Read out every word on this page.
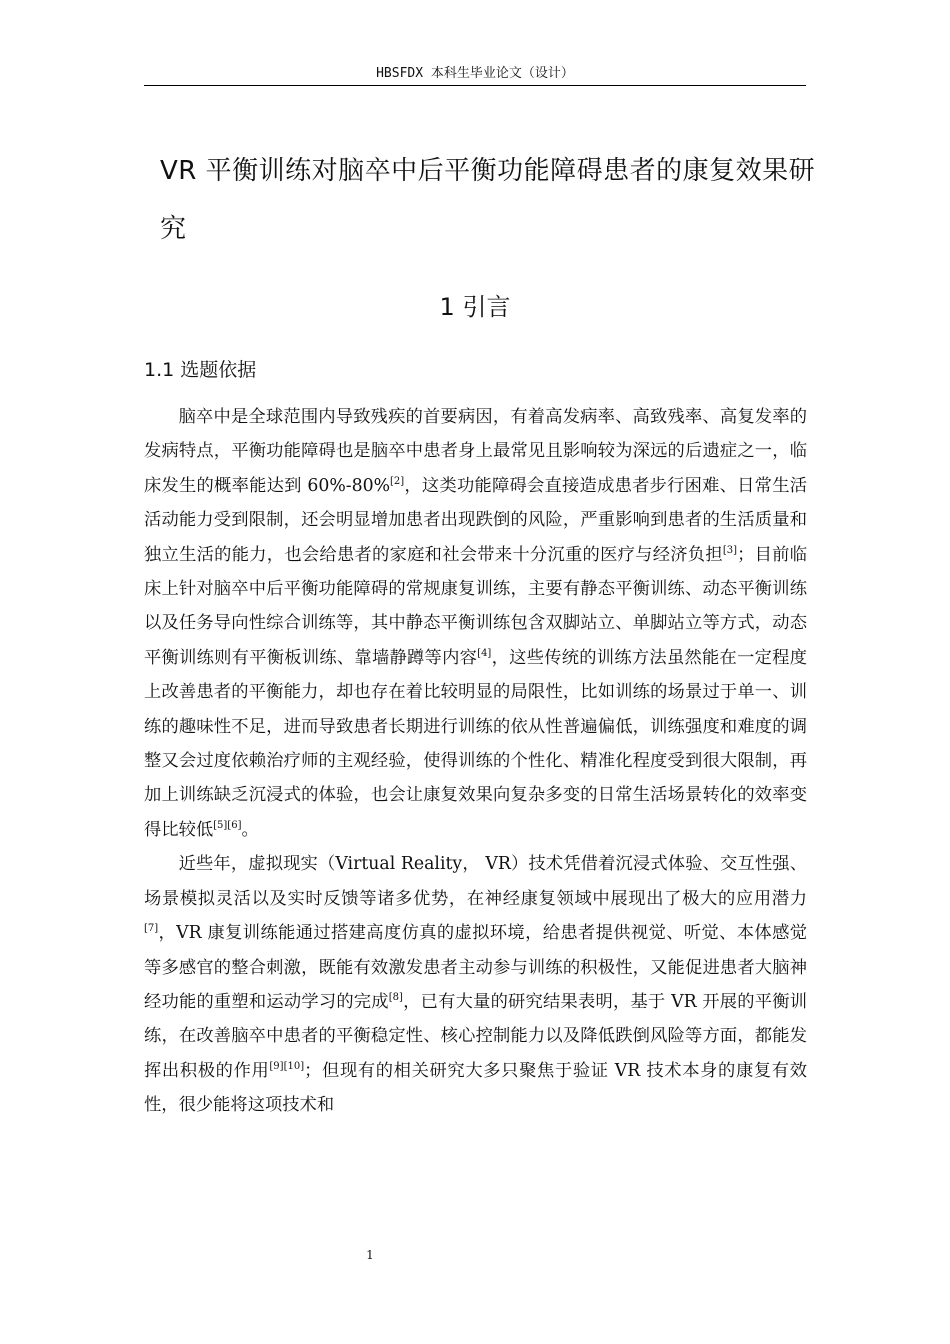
HBSFDX 本科生毕业论文（设计）
VR 平衡训练对脑卒中后平衡功能障碍患者的康复效果研究
1 引言
1.1 选题依据

脑卒中是全球范围内导致残疾的首要病因，有着高发病率、高致残率、高复发率的发病特点，平衡功能障碍也是脑卒中患者身上最常见且影响较为深远的后遗症之一，临床发生的概率能达到 60%-80%[2]，这类功能障碍会直接造成患者步行困难、日常生活活动能力受到限制，还会明显增加患者出现跌倒的风险，严重影响到患者的生活质量和独立生活的能力，也会给患者的家庭和社会带来十分沉重的医疗与经济负担[3]；目前临床上针对脑卒中后平衡功能障碍的常规康复训练，主要有静态平衡训练、动态平衡训练以及任务导向性综合训练等，其中静态平衡训练包含双脚站立、单脚站立等方式，动态平衡训练则有平衡板训练、靠墙静蹲等内容[4]，这些传统的训练方法虽然能在一定程度上改善患者的平衡能力，却也存在着比较明显的局限性，比如训练的场景过于单一、训练的趣味性不足，进而导致患者长期进行训练的依从性普遍偏低，训练强度和难度的调整又会过度依赖治疗师的主观经验，使得训练的个性化、精准化程度受到很大限制，再加上训练缺乏沉浸式的体验，也会让康复效果向复杂多变的日常生活场景转化的效率变得比较低[5][6]。

近些年，虚拟现实（Virtual Reality， VR）技术凭借着沉浸式体验、交互性强、场景模拟灵活以及实时反馈等诸多优势，在神经康复领域中展现出了极大的应用潜力[7]，VR 康复训练能通过搭建高度仿真的虚拟环境，给患者提供视觉、听觉、本体感觉等多感官的整合刺激，既能有效激发患者主动参与训练的积极性，又能促进患者大脑神经功能的重塑和运动学习的完成[8]，已有大量的研究结果表明，基于 VR 开展的平衡训练，在改善脑卒中患者的平衡稳定性、核心控制能力以及降低跌倒风险等方面，都能发挥出积极的作用[9][10]；但现有的相关研究大多只聚焦于验证 VR 技术本身的康复有效性，很少能将这项技术和

1
